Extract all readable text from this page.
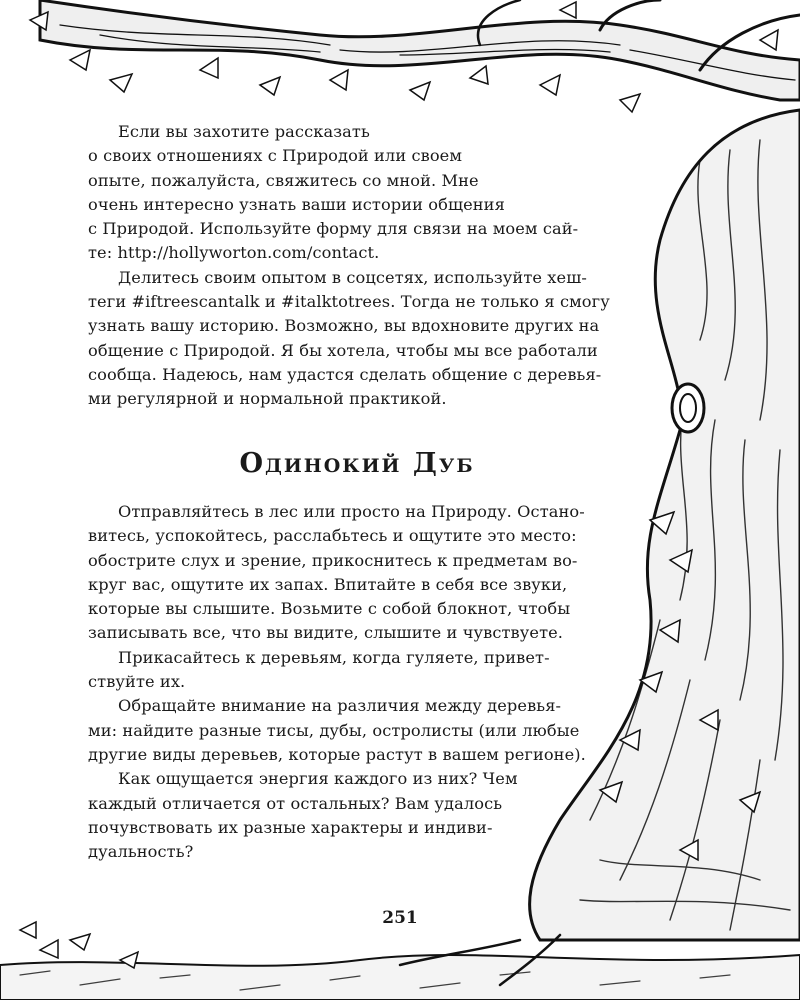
Если вы захотите рассказать

о своих отношениях с Природой или своем

опыте, пожалуйста, свяжитесь со мной. Мне

очень интересно узнать ваши истории общения

с Природой. Используйте форму для связи на моем сай-

те: http://hollyworton.com/contact.

Делитесь своим опытом в соцсетях, используйте хеш-

теги #iftreescantalk и #italktotrees. Тогда не только я смогу

узнать вашу историю. Возможно, вы вдохновите других на

общение с Природой. Я бы хотела, чтобы мы все работали

сообща. Надеюсь, нам удастся сделать общение с деревья-

ми регулярной и нормальной практикой.

Одинокий Дуб

Отправляйтесь в лес или просто на Природу. Остано-

витесь, успокойтесь, расслабьтесь и ощутите это место:

обострите слух и зрение, прикоснитесь к предметам во-

круг вас, ощутите их запах. Впитайте в себя все звуки,

которые вы слышите. Возьмите с собой блокнот, чтобы

записывать все, что вы видите, слышите и чувствуете.

Прикасайтесь к деревьям, когда гуляете, привет-

ствуйте их.

Обращайте внимание на различия между деревья-

ми: найдите разные тисы, дубы, остролисты (или любые

другие виды деревьев, которые растут в вашем регионе).

Как ощущается энергия каждого из них? Чем

каждый отличается от остальных? Вам удалось

почувствовать их разные характеры и индиви-

дуальность?

251
